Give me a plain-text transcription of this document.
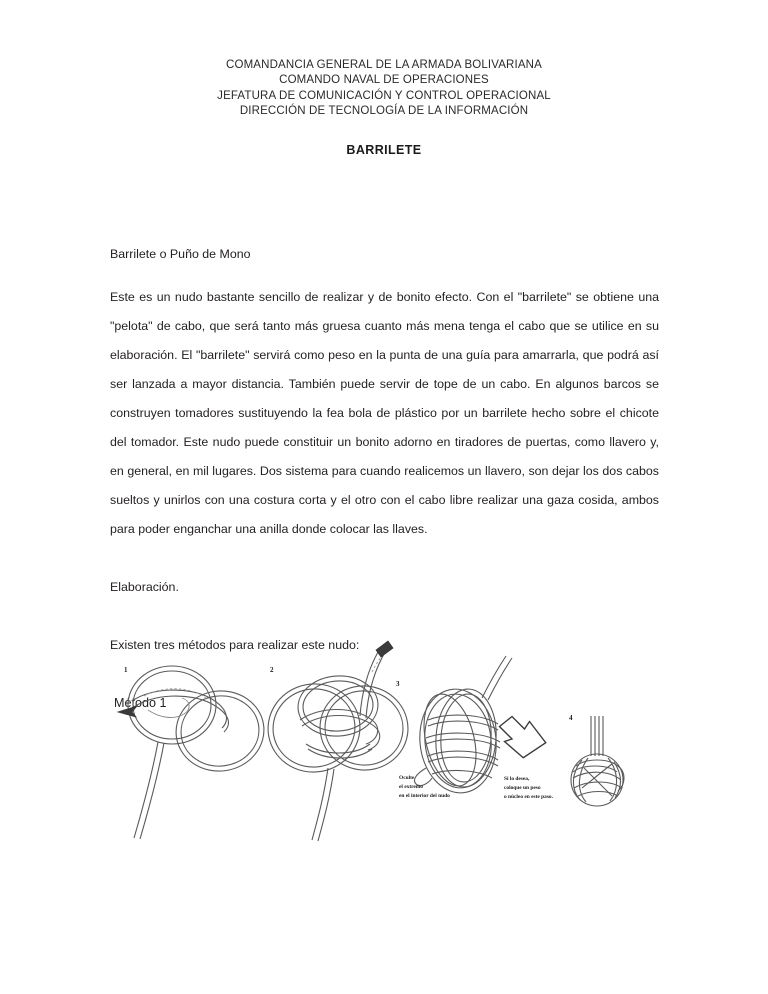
COMANDANCIA GENERAL DE LA ARMADA BOLIVARIANA
COMANDO NAVAL DE OPERACIONES
JEFATURA DE COMUNICACIÓN Y CONTROL OPERACIONAL
DIRECCIÓN DE TECNOLOGÍA DE LA INFORMACIÓN
BARRILETE

Barrilete o Puño de Mono

Este es un nudo bastante sencillo de realizar y de bonito efecto. Con el "barrilete" se obtiene una "pelota" de cabo, que será tanto más gruesa cuanto más mena tenga el cabo que se utilice en su elaboración. El "barrilete" servirá como peso en la punta de una guía para amarrarla, que podrá así ser lanzada a mayor distancia. También puede servir de tope de un cabo. En algunos barcos se construyen tomadores sustituyendo la fea bola de plástico por un barrilete hecho sobre el chicote del tomador. Este nudo puede constituir un bonito adorno en tiradores de puertas, como llavero y, en general, en mil lugares. Dos sistema para cuando realicemos un llavero, son dejar los dos cabos sueltos y unirlos con una costura corta y el otro con el cabo libre realizar una gaza cosida, ambos para poder enganchar una anilla donde colocar las llaves.

Elaboración.

Existen tres métodos para realizar este nudo:

Método 1

1	2
3
Oculte
el extremo
en el interior del nudo
Si lo desea,
coloque un peso
o núcleo en este paso.
4
